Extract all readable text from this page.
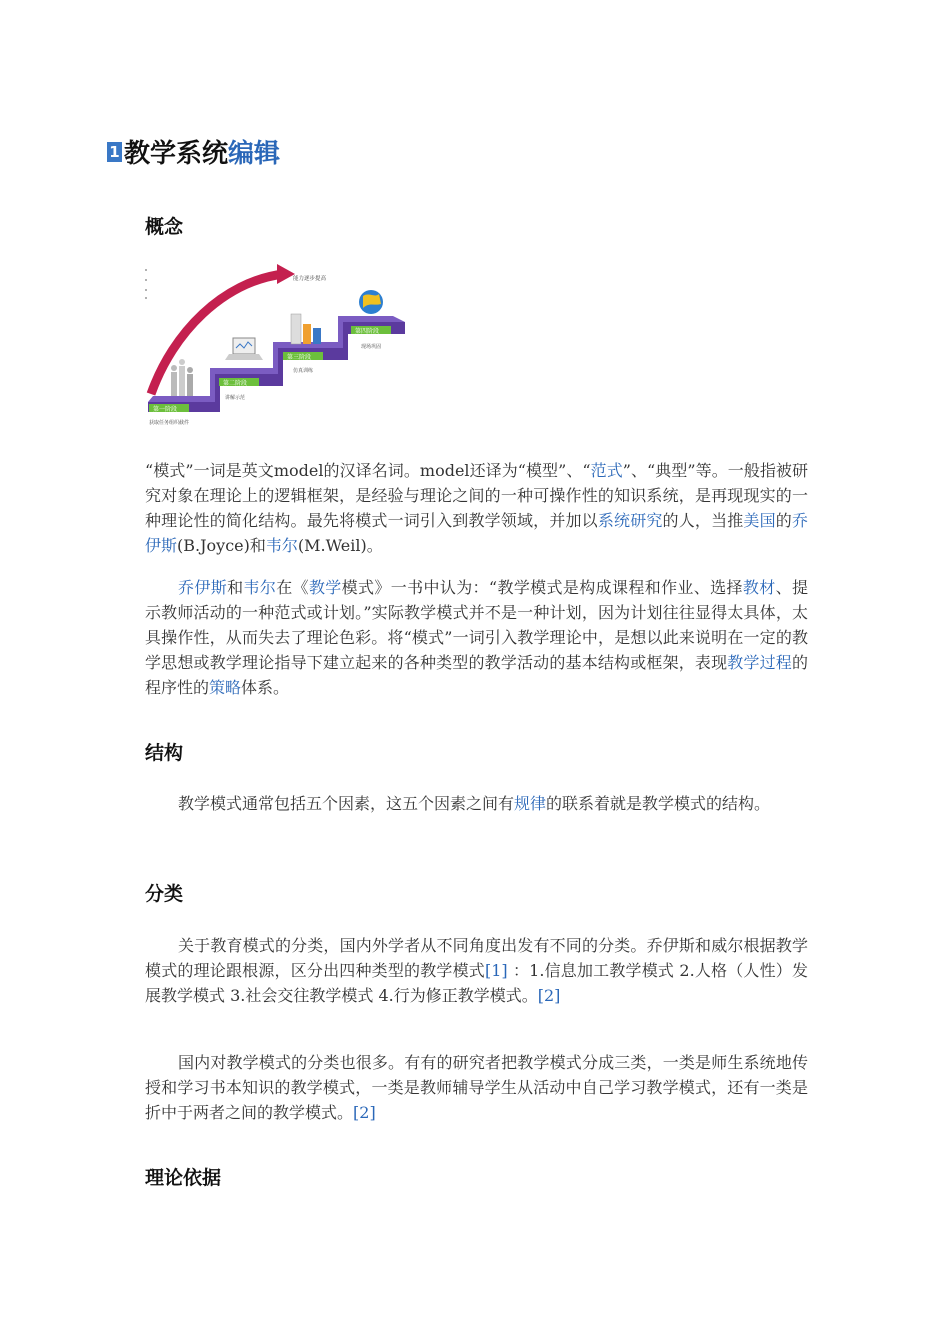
1 教学系统 编辑
概念
第一阶段
第二阶段
第三阶段
第四阶段
获取任务组织截件
讲解示范
仿真训练
现场巩固
能力逐步提高

“模式”一词是英文model的汉译名词。model还译为“模型”、“范式”、“典型”等。一般指被研究对象在理论上的逻辑框架，是经验与理论之间的一种可操作性的知识系统，是再现现实的一种理论性的简化结构。最先将模式一词引入到教学领域，并加以系统研究的人，当推美国的乔伊斯(B.Joyce)和韦尔(M.Weil)。

乔伊斯和韦尔在《教学模式》一书中认为：“教学模式是构成课程和作业、选择教材、提示教师活动的一种范式或计划。”实际教学模式并不是一种计划，因为计划往往显得太具体，太具操作性，从而失去了理论色彩。将“模式”一词引入教学理论中，是想以此来说明在一定的教学思想或教学理论指导下建立起来的各种类型的教学活动的基本结构或框架，表现教学过程的程序性的策略体系。

结构

教学模式通常包括五个因素，这五个因素之间有规律的联系着就是教学模式的结构。

分类

关于教育模式的分类，国内外学者从不同角度出发有不同的分类。乔伊斯和威尔根据教学模式的理论跟根源，区分出四种类型的教学模式[1] ：1.信息加工教学模式 2.人格（人性）发展教学模式 3.社会交往教学模式 4.行为修正教学模式。[2]

国内对教学模式的分类也很多。有有的研究者把教学模式分成三类，一类是师生系统地传授和学习书本知识的教学模式，一类是教师辅导学生从活动中自己学习教学模式，还有一类是折中于两者之间的教学模式。[2]

理论依据
